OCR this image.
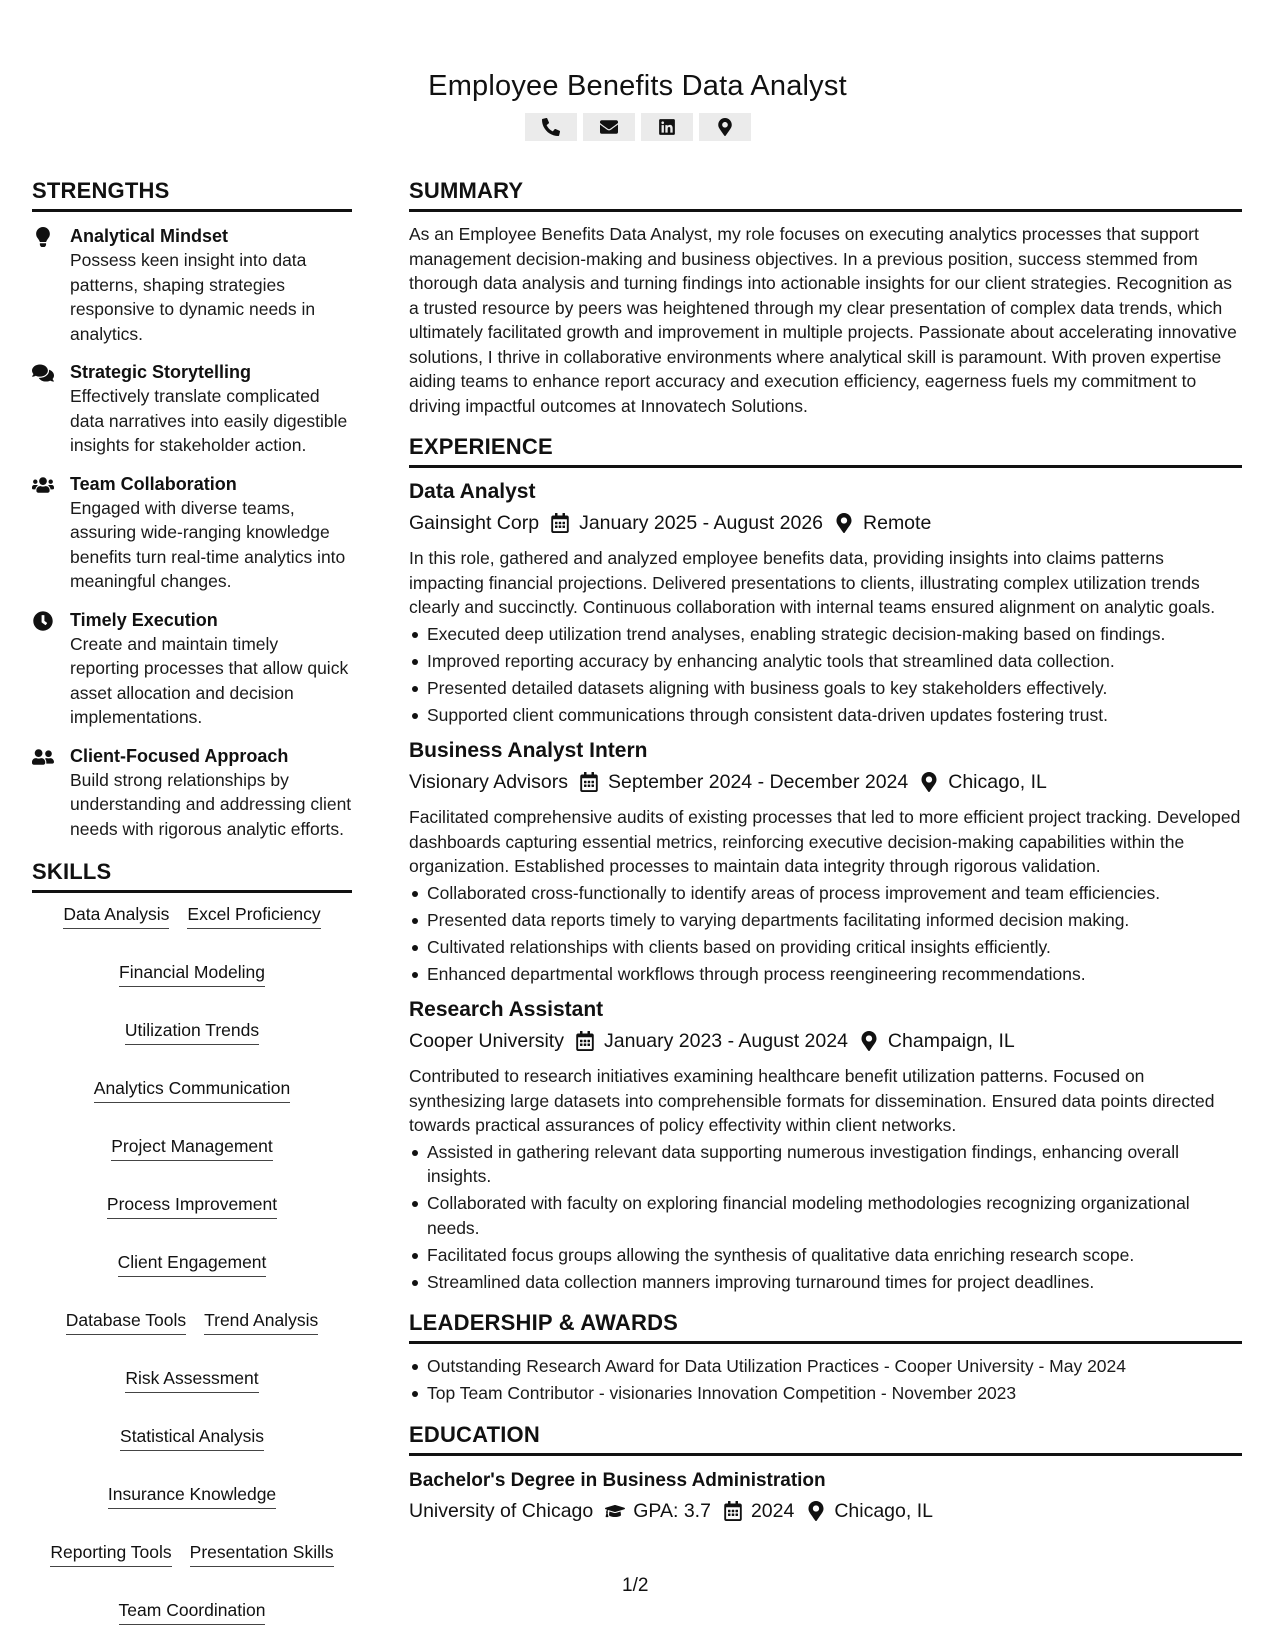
Employee Benefits Data Analyst
STRENGTHS
Analytical Mindset
Possess keen insight into data patterns, shaping strategies responsive to dynamic needs in analytics.
Strategic Storytelling
Effectively translate complicated data narratives into easily digestible insights for stakeholder action.
Team Collaboration
Engaged with diverse teams, assuring wide-ranging knowledge benefits turn real-time analytics into meaningful changes.
Timely Execution
Create and maintain timely reporting processes that allow quick asset allocation and decision implementations.
Client-Focused Approach
Build strong relationships by understanding and addressing client needs with rigorous analytic efforts.
SKILLS
Data Analysis Excel Proficiency
Financial Modeling
Utilization Trends
Analytics Communication
Project Management
Process Improvement
Client Engagement
Database Tools Trend Analysis
Risk Assessment
Statistical Analysis
Insurance Knowledge
Reporting Tools Presentation Skills
Team Coordination
SUMMARY
As an Employee Benefits Data Analyst, my role focuses on executing analytics processes that support management decision-making and business objectives. In a previous position, success stemmed from thorough data analysis and turning findings into actionable insights for our client strategies. Recognition as a trusted resource by peers was heightened through my clear presentation of complex data trends, which ultimately facilitated growth and improvement in multiple projects. Passionate about accelerating innovative solutions, I thrive in collaborative environments where analytical skill is paramount. With proven expertise aiding teams to enhance report accuracy and execution efficiency, eagerness fuels my commitment to driving impactful outcomes at Innovatech Solutions.
EXPERIENCE
Data Analyst
Gainsight Corp January 2025 - August 2026 Remote
In this role, gathered and analyzed employee benefits data, providing insights into claims patterns impacting financial projections. Delivered presentations to clients, illustrating complex utilization trends clearly and succinctly. Continuous collaboration with internal teams ensured alignment on analytic goals.
Executed deep utilization trend analyses, enabling strategic decision-making based on findings.
Improved reporting accuracy by enhancing analytic tools that streamlined data collection.
Presented detailed datasets aligning with business goals to key stakeholders effectively.
Supported client communications through consistent data-driven updates fostering trust.
Business Analyst Intern
Visionary Advisors September 2024 - December 2024 Chicago, IL
Facilitated comprehensive audits of existing processes that led to more efficient project tracking. Developed dashboards capturing essential metrics, reinforcing executive decision-making capabilities within the organization. Established processes to maintain data integrity through rigorous validation.
Collaborated cross-functionally to identify areas of process improvement and team efficiencies.
Presented data reports timely to varying departments facilitating informed decision making.
Cultivated relationships with clients based on providing critical insights efficiently.
Enhanced departmental workflows through process reengineering recommendations.
Research Assistant
Cooper University January 2023 - August 2024 Champaign, IL
Contributed to research initiatives examining healthcare benefit utilization patterns. Focused on synthesizing large datasets into comprehensible formats for dissemination. Ensured data points directed towards practical assurances of policy effectivity within client networks.
Assisted in gathering relevant data supporting numerous investigation findings, enhancing overall insights.
Collaborated with faculty on exploring financial modeling methodologies recognizing organizational needs.
Facilitated focus groups allowing the synthesis of qualitative data enriching research scope.
Streamlined data collection manners improving turnaround times for project deadlines.
LEADERSHIP & AWARDS
Outstanding Research Award for Data Utilization Practices - Cooper University - May 2024
Top Team Contributor - visionaries Innovation Competition - November 2023
EDUCATION
Bachelor's Degree in Business Administration
University of Chicago GPA: 3.7 2024 Chicago, IL
1/2
